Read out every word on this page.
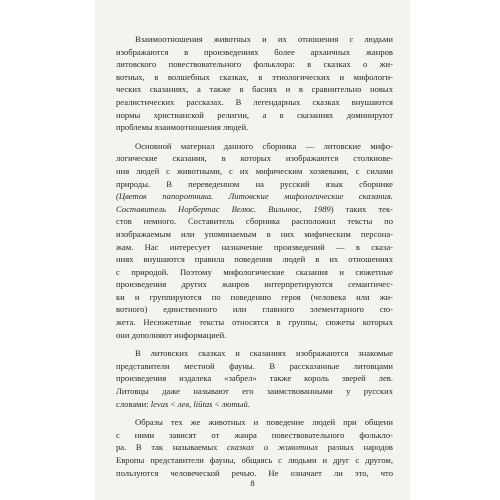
Взаимоотношения животных и их отношения с людьми
изображаются в произведениях более архаичных жанров
литовского повествовательного фольклора: в сказках о жи-
вотных, в волшебных сказках, в этиологических и мифологи-
ческих сказаниях, а также в баснях и в сравнительно новых
реалистических рассказах. В легендарных сказках внушаются
нормы христианской религии, а в сказаниях доминируют
проблемы взаимоотношения людей.

Основной материал данного сборника — литовские мифо-
логические сказания, в которых изображаются столкнове-
ния людей с животными, с их мифическим хозяевами, с силами
природы. В переведенном на русский язык сборнике
(Цветок папоротника. Литовские мифологические сказания.
Составитель Норбертас Велюс. Вильнюс, 1989) таких тек-
стов немного. Составитель сборника расположил тексты по
изображаемым или упоминаемым в них мифическим персона-
жам. Нас интересует назначение произведений — в сказа-
ниях внушаются правила поведения людей в их отношениях
с природой. Поэтому мифологические сказания и сюжетные
произведения других жанров интерпретируются семантичес-
ки и группируются по поведению героя (человека или жи-
вотного) единственного или главного элементарного сю-
жета. Несюжетные тексты относятся в группы, сюжеты которых
они дополняют информацией.

В литовских сказках и сказаниях изображаются знакомые
представители местной фауны. В рассказанные литовцами
произведения издалека «забрел» также король зверей лев.
Литовцы даже называют его заимствованными у русских
словами: levas < лев, liūtas < лютый.

Образы тех же животных и поведение людей при общени
с ними зависят от жанра повествовательного фолькло-
ра. В так называемых сказках о животных разных народов
Европы представители фауны, общаясь с людьми и друг с другом,
пользуются человеческой речью. Не означает ли это, что

8
